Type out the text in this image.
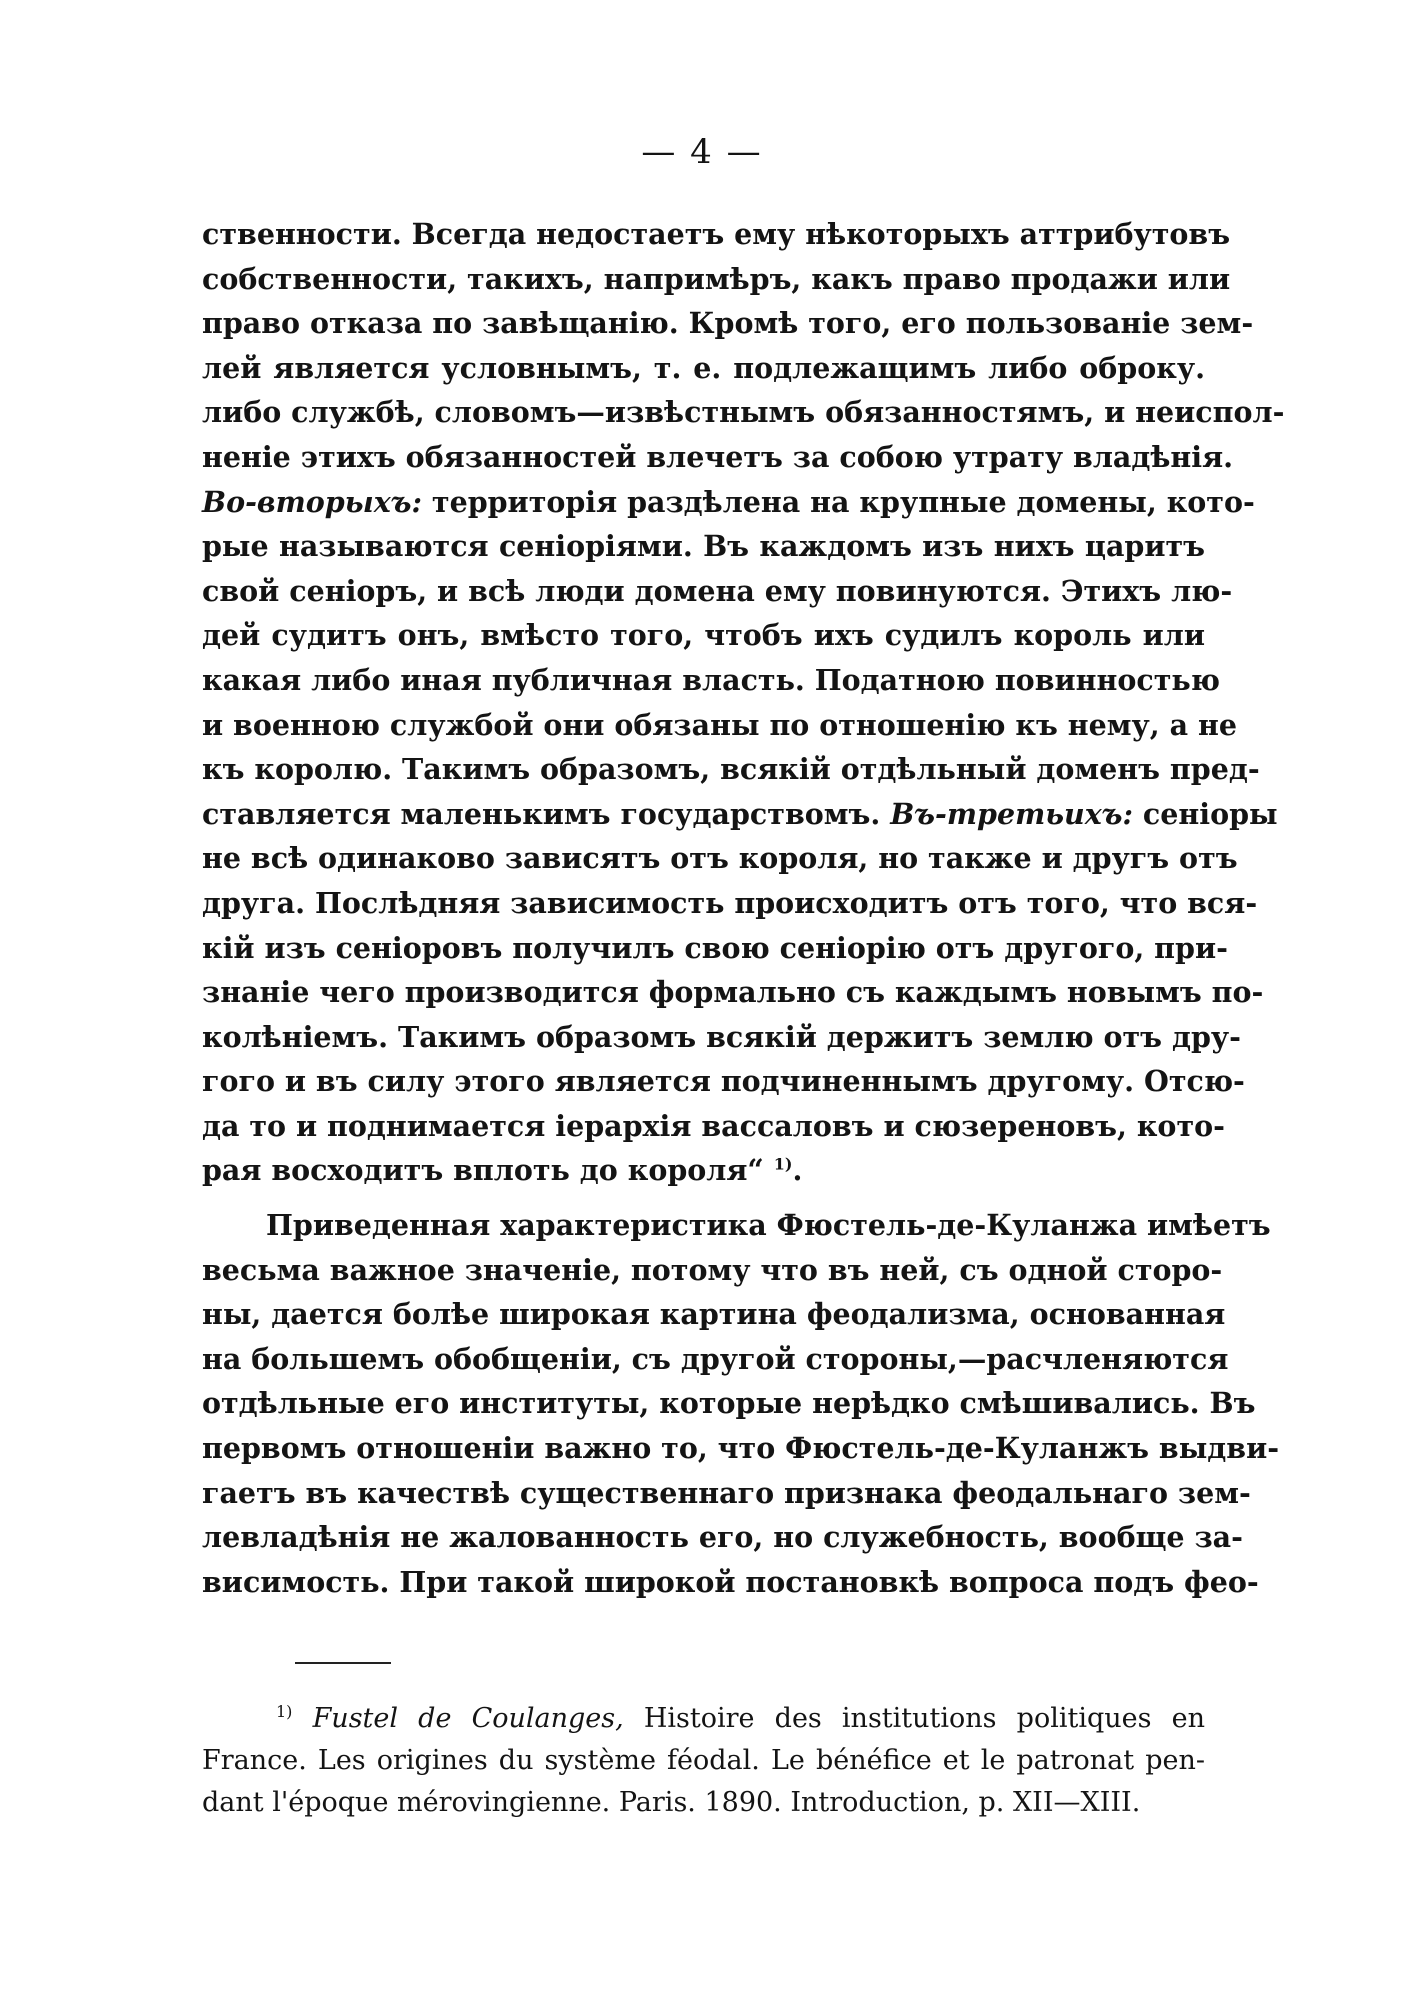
— 4 —
ственности. Всегда недостаетъ ему нѣкоторыхъ аттрибутовъ
собственности, такихъ, напримѣръ, какъ право продажи или
право отказа по завѣщанію. Кромѣ того, его пользованіе зем-
лей является условнымъ, т. е. подлежащимъ либо оброку.
либо службѣ, словомъ—извѣстнымъ обязанностямъ, и неиспол-
неніе этихъ обязанностей влечетъ за собою утрату владѣнія.
Во-вторыхъ: территорія раздѣлена на крупные домены, кото-
рые называются сеніоріями. Въ каждомъ изъ нихъ царитъ
свой сеніоръ, и всѣ люди домена ему повинуются. Этихъ лю-
дей судитъ онъ, вмѣсто того, чтобъ ихъ судилъ король или
какая либо иная публичная власть. Податною повинностью
и военною службой они обязаны по отношенію къ нему, а не
къ королю. Такимъ образомъ, всякій отдѣльный доменъ пред-
ставляется маленькимъ государствомъ. Въ-третьихъ: сеніоры
не всѣ одинаково зависятъ отъ короля, но также и другъ отъ
друга. Послѣдняя зависимость происходитъ отъ того, что вся-
кій изъ сеніоровъ получилъ свою сеніорію отъ другого, при-
знаніе чего производится формально съ каждымъ новымъ по-
колѣніемъ. Такимъ образомъ всякій держитъ землю отъ дру-
гого и въ силу этого является подчиненнымъ другому. Отсю-
да то и поднимается іерархія вассаловъ и сюзереновъ, кото-
рая восходитъ вплоть до короля“ $^{1)}$.
Приведенная характеристика Фюстель-де-Куланжа имѣетъ
весьма важное значеніе, потому что въ ней, съ одной сторо-
ны, дается болѣе широкая картина феодализма, основанная
на большемъ обобщеніи, съ другой стороны,—расчленяются
отдѣльные его институты, которые нерѣдко смѣшивались. Въ
первомъ отношеніи важно то, что Фюстель-де-Куланжъ выдви-
гаетъ въ качествѣ существеннаго признака феодальнаго зем-
левладѣнія не жалованность его, но служебность, вообще за-
висимость. При такой широкой постановкѣ вопроса подъ фео-
$^{1)}$ Fustel de Coulanges, Histoire des institutions politiques en
France. Les origines du système féodal. Le bénéfice et le patronat pen-
dant l'époque mérovingienne. Paris. 1890. Introduction, p. XII—XIII.
